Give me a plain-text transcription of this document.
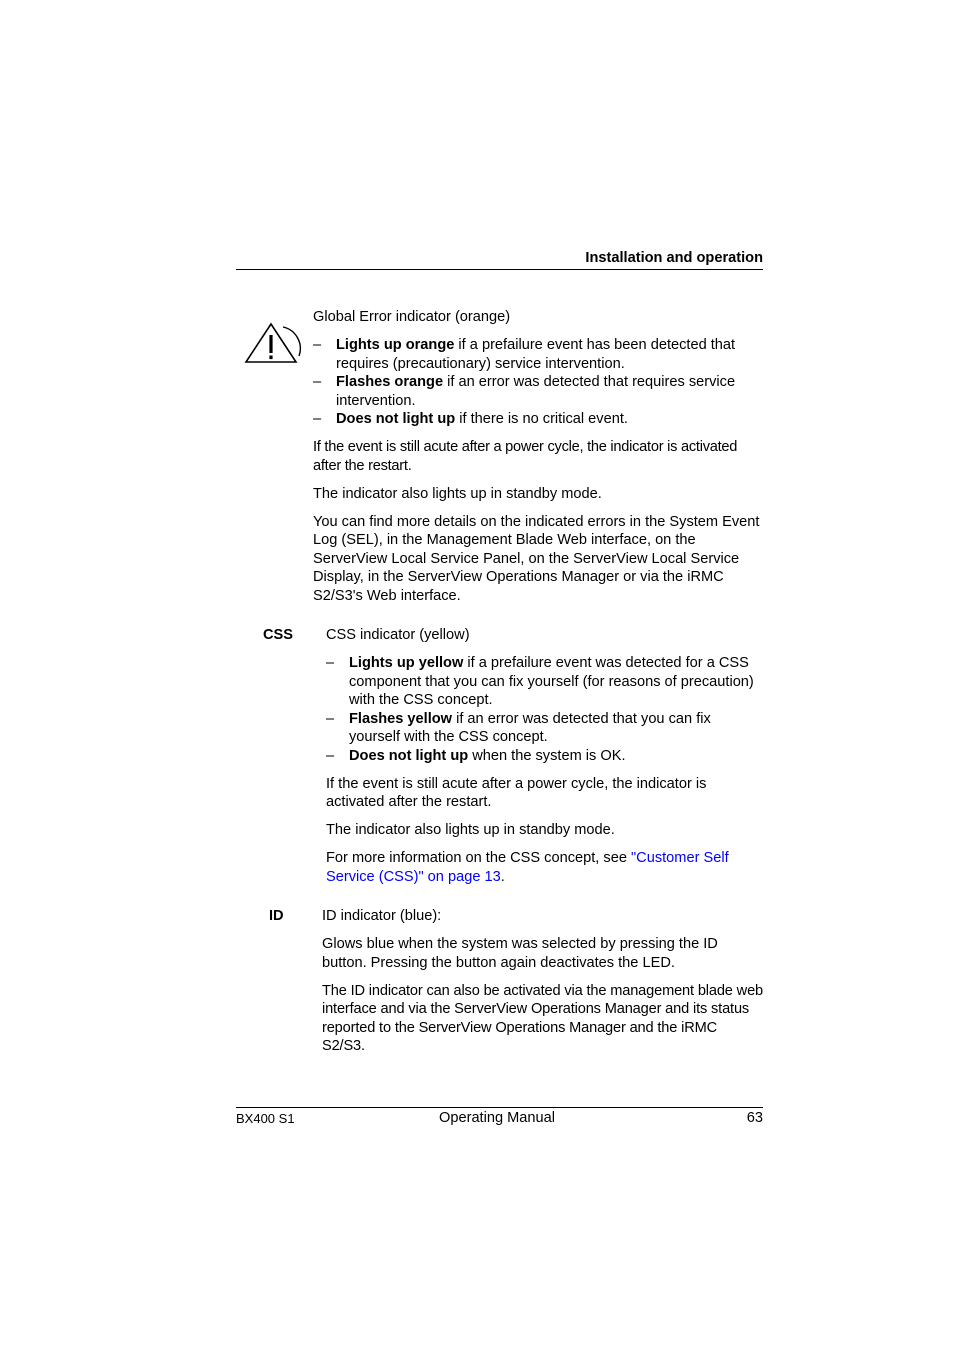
Installation and operation

Global Error indicator (orange)

– Lights up orange if a prefailure event has been detected that requires (precautionary) service intervention.
– Flashes orange if an error was detected that requires service intervention.
– Does not light up if there is no critical event.

If the event is still acute after a power cycle, the indicator is activated after the restart.

The indicator also lights up in standby mode.

You can find more details on the indicated errors in the System Event Log (SEL), in the Management Blade Web interface, on the ServerView Local Service Panel, on the ServerView Local Service Display, in the ServerView Operations Manager or via the iRMC S2/S3's Web interface.

CSS CSS indicator (yellow)

– Lights up yellow if a prefailure event was detected for a CSS component that you can fix yourself (for reasons of precaution) with the CSS concept.
– Flashes yellow if an error was detected that you can fix yourself with the CSS concept.
– Does not light up when the system is OK.

If the event is still acute after a power cycle, the indicator is activated after the restart.

The indicator also lights up in standby mode.

For more information on the CSS concept, see "Customer Self Service (CSS)" on page 13.

ID	ID indicator (blue):

Glows blue when the system was selected by pressing the ID button. Pressing the button again deactivates the LED.

The ID indicator can also be activated via the management blade web interface and via the ServerView Operations Manager and its status reported to the ServerView Operations Manager and the iRMC S2/S3.

BX400 S1	Operating Manual	63
